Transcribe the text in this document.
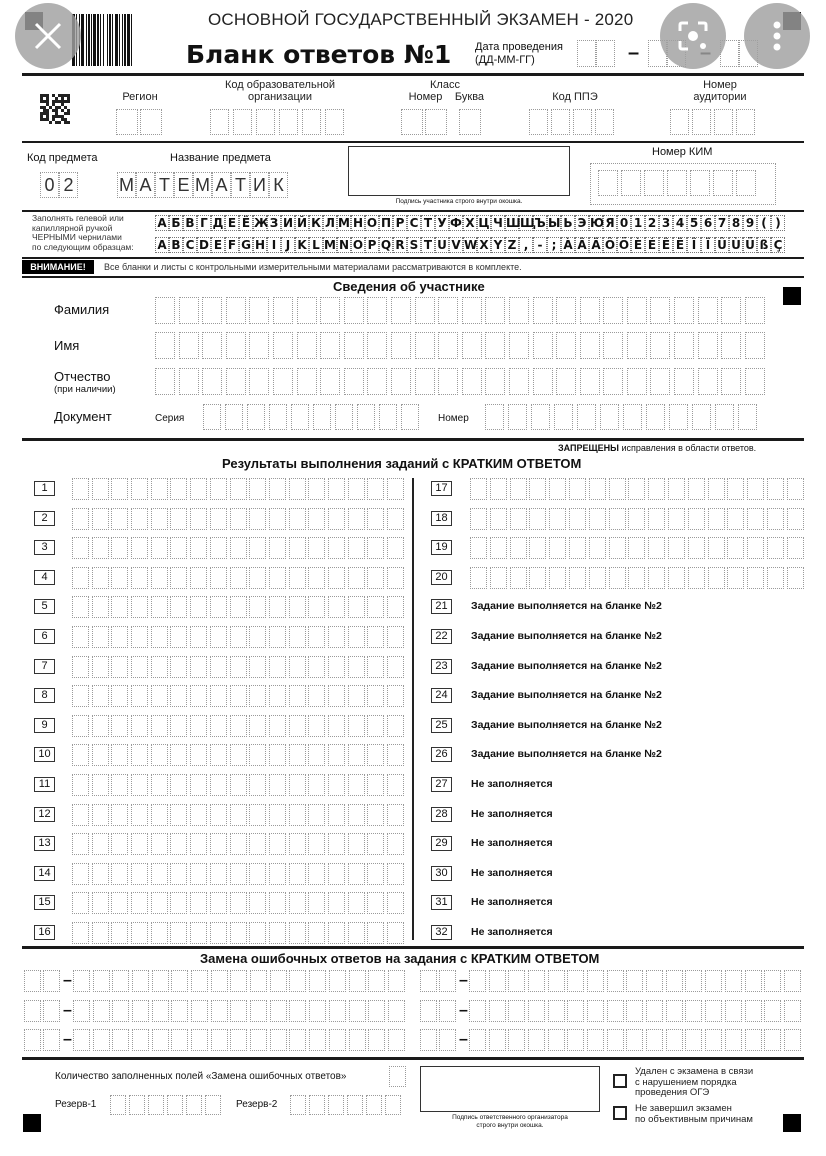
ОСНОВНОЙ ГОСУДАРСТВЕННЫЙ ЭКЗАМЕН - 2020
Бланк ответов №1 Дата проведения
(ДД-ММ-ГГ)	–
Регион
Код образовательной организации
Класс
Номер	Буква	Код ППЭ
Номер аудитории
Код предмета
0 2
Название предмета
М А Т Е М А Т И К
Подпись участника строго внутри окошка.
Номер КИМ
Заполнять гелевой или
капиллярной ручкой
ЧЕРНЫМИ чернилами
по следующим образцам:
А Б В Г Д Е Ё Ж З И Й К Л М Н О П Р С Т У Ф Х Ц Ч Ш Щ
Ъ Ы Ь Э Ю Я 0 1 2 3 4 5 6 7 8 9 ( )
A B C D E F G H I J K L M N O P Q R S T U V W X Y Z , - ; À Â Ä Ô Ö È É Ê Ë Î Ï Û Ù Ü ß Ç
ВНИМАНИЕ!	Все бланки и листы с контрольными измерительными материалами рассматриваются в комплекте.
Сведения об участнике
Фамилия
Имя
Отчество
(при наличии)
Документ	Серия	Номер
ЗАПРЕЩЕНЫ исправления в области ответов.
Результаты выполнения заданий с КРАТКИМ ОТВЕТОМ
1
2
3
4
5
6
7
8
9
10
11
12
13
14
15
16
17
18
19
20
21	Задание выполняется на бланке №2
22	Задание выполняется на бланке №2
23	Задание выполняется на бланке №2
24	Задание выполняется на бланке №2
25	Задание выполняется на бланке №2
26	Задание выполняется на бланке №2
27	Не заполняется
28	Не заполняется
29	Не заполняется
30	Не заполняется
31	Не заполняется
32	Не заполняется
Замена ошибочных ответов на задания с КРАТКИМ ОТВЕТОМ
–	–
–	–
–	–
Количество заполненных полей «Замена ошибочных ответов»
Резерв-1	Резерв-2
Подпись ответственного организатора
строго внутри окошка.
Удален с экзамена в связи
с нарушением порядка
проведения ОГЭ
Не завершил экзамен
по объективным причинам
